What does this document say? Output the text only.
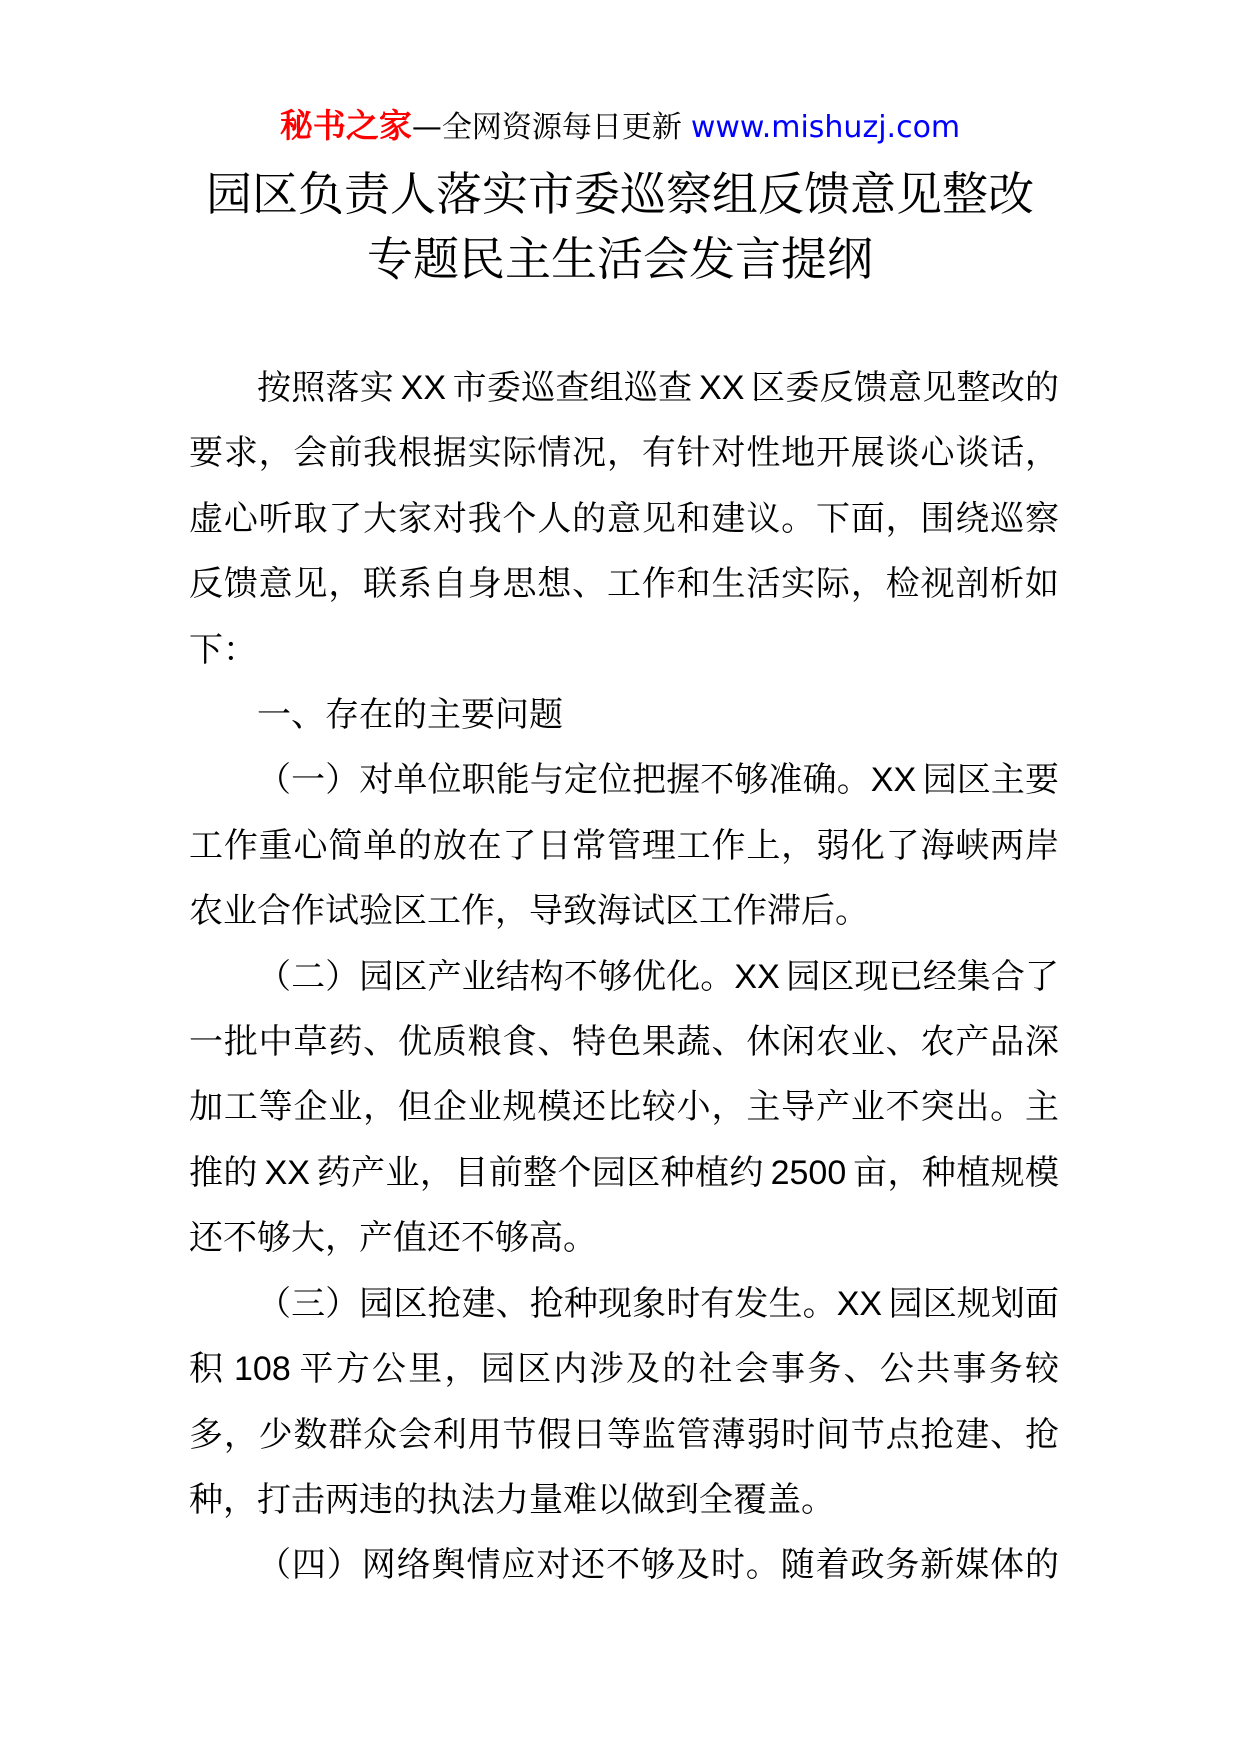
秘书之家—全网资源每日更新 www.mishuzj.com
园区负责人落实市委巡察组反馈意见整改
专题民主生活会发言提纲
按照落实 XX 市委巡查组巡查 XX 区委反馈意见整改的
要求，会前我根据实际情况，有针对性地开展谈心谈话，
虚心听取了大家对我个人的意见和建议。下面，围绕巡察
反馈意见，联系自身思想、工作和生活实际，检视剖析如
下：
一、存在的主要问题
（一）对单位职能与定位把握不够准确。XX 园区主要
工作重心简单的放在了日常管理工作上，弱化了海峡两岸
农业合作试验区工作，导致海试区工作滞后。
（二）园区产业结构不够优化。XX 园区现已经集合了
一批中草药、优质粮食、特色果蔬、休闲农业、农产品深
加工等企业，但企业规模还比较小，主导产业不突出。主
推的 XX 药产业，目前整个园区种植约 2500 亩，种植规模
还不够大，产值还不够高。
（三）园区抢建、抢种现象时有发生。XX 园区规划面
积 108 平方公里，园区内涉及的社会事务、公共事务较
多，少数群众会利用节假日等监管薄弱时间节点抢建、抢
种，打击两违的执法力量难以做到全覆盖。
（四）网络舆情应对还不够及时。随着政务新媒体的
